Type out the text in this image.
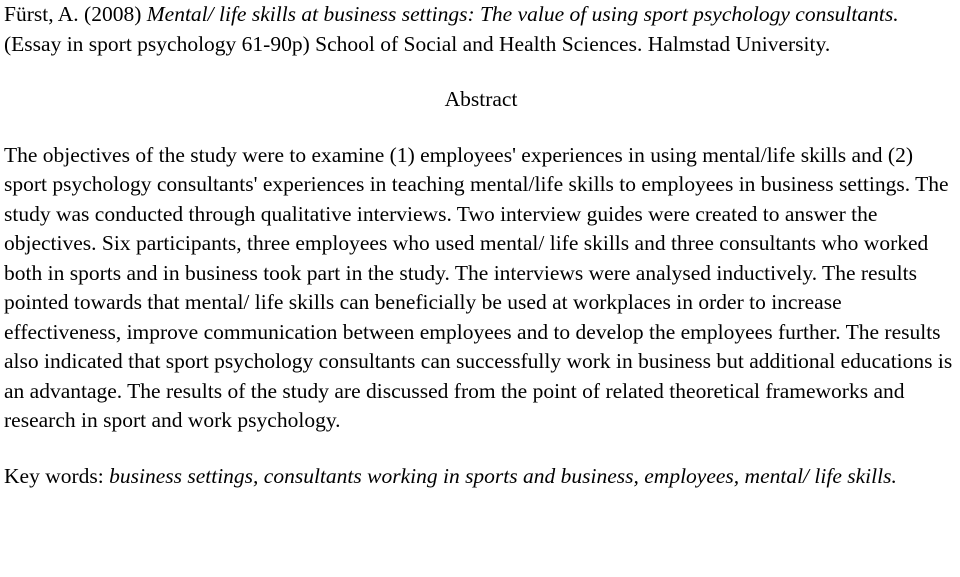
Fürst, A. (2008) Mental/ life skills at business settings: The value of using sport psychology consultants. (Essay in sport psychology 61-90p) School of Social and Health Sciences. Halmstad University.

Abstract

The objectives of the study were to examine (1) employees' experiences in using mental/life skills and (2) sport psychology consultants' experiences in teaching mental/life skills to employees in business settings. The study was conducted through qualitative interviews. Two interview guides were created to answer the objectives. Six participants, three employees who used mental/ life skills and three consultants who worked both in sports and in business took part in the study. The interviews were analysed inductively. The results pointed towards that mental/ life skills can beneficially be used at workplaces in order to increase effectiveness, improve communication between employees and to develop the employees further. The results also indicated that sport psychology consultants can successfully work in business but additional educations is an advantage. The results of the study are discussed from the point of related theoretical frameworks and research in sport and work psychology.

Key words: business settings, consultants working in sports and business, employees, mental/ life skills.
